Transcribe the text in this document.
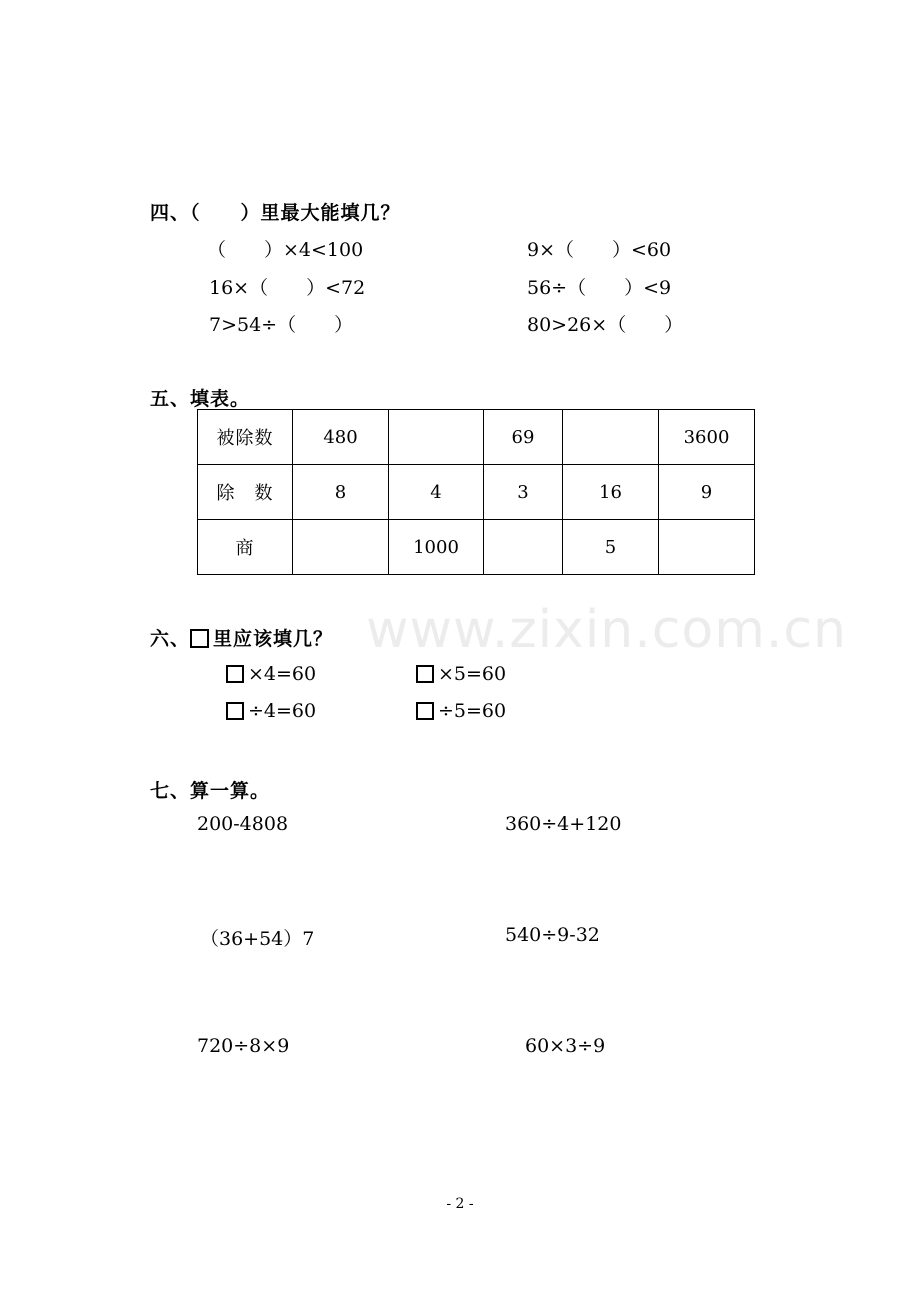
www.zixin.com.cn
四、（　　）里最大能填几？
（　　）×4<100	9×（　　）<60
16×（　　）<72	56÷（　　）<9
7>54÷（　　）	80>26×（　　）
五、填表。
被除数	480		69		3600
除　数	8	4	3	16	9
商		1000		5	
六、 里应该填几？
×4=60	×5=60
÷4=60	÷5=60
七、算一算。
200-4808	360÷4+120
（36+54）7	540÷9-32
720÷8×9	60×3÷9
- 2 -
